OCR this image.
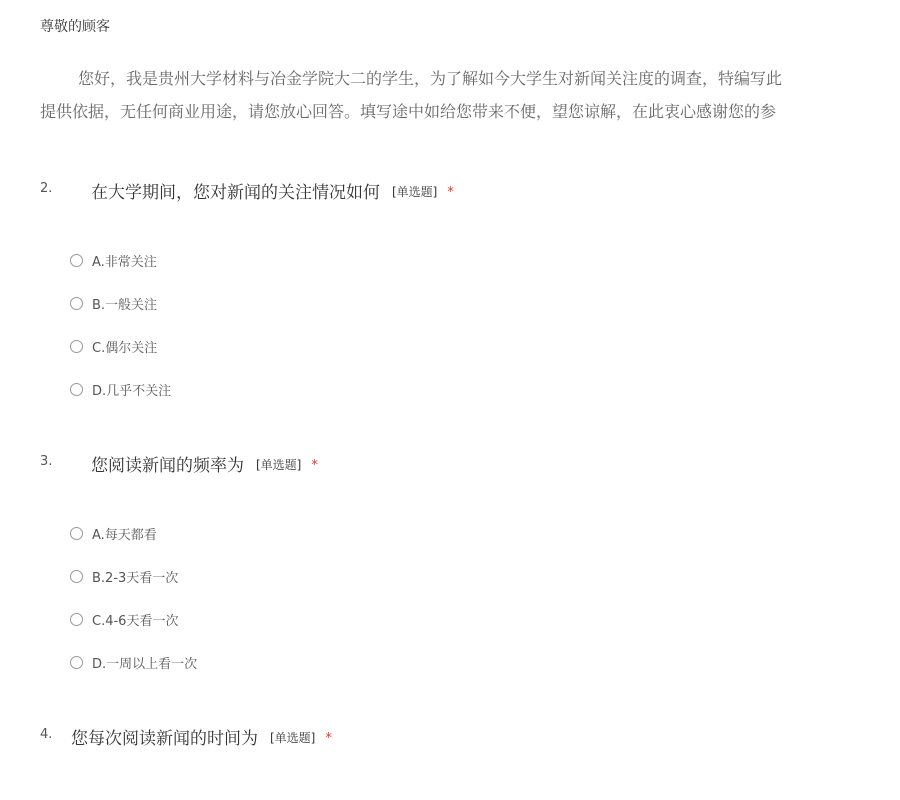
尊敬的顾客
您好，我是贵州大学材料与冶金学院大二的学生，为了解如今大学生对新闻关注度的调查，特编写此
提供依据，无任何商业用途，请您放心回答。填写途中如给您带来不便，望您谅解，在此衷心感谢您的参
2. 在大学期间，您对新闻的关注情况如何 [单选题] *
A.非常关注
B.一般关注
C.偶尔关注
D.几乎不关注
3. 您阅读新闻的频率为 [单选题] *
A.每天都看
B.2-3天看一次
C.4-6天看一次
D.一周以上看一次
4. 您每次阅读新闻的时间为 [单选题] *
